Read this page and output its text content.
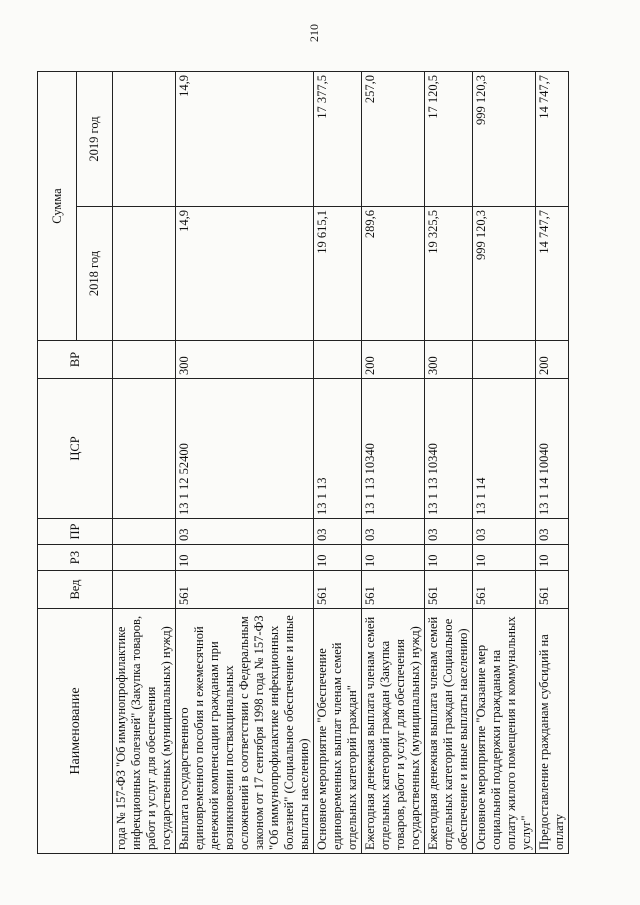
210
Наименование	Вед	РЗ	ПР	ЦСР	ВР	Сумма	
						2018 год	2019 год
года № 157-ФЗ "Об иммунопрофилактике инфекционных болезней" (Закупка товаров, работ и услуг для обеспечения государственных (муниципальных) нужд)							
Выплата государственного единовременного пособия и ежемесячной денежной компенсации гражданам при возникновении поствакцинальных осложнений в соответствии с Федеральным законом от 17 сентября 1998 года № 157-ФЗ "Об иммунопрофилактике инфекционных болезней" (Социальное обеспечение и иные выплаты населению)	561	10	03	13 1 12 52400	300	14,9	14,9
Основное мероприятие "Обеспечение единовременных выплат членам семей отдельных категорий граждан"	561	10	03	13 1 13		19 615,1	17 377,5
Ежегодная денежная выплата членам семей отдельных категорий граждан (Закупка товаров, работ и услуг для обеспечения государственных (муниципальных) нужд)	561	10	03	13 1 13 10340	200	289,6	257,0
Ежегодная денежная выплата членам семей отдельных категорий граждан (Социальное обеспечение и иные выплаты населению)	561	10	03	13 1 13 10340	300	19 325,5	17 120,5
Основное мероприятие "Оказание мер социальной поддержки гражданам на оплату жилого помещения и коммунальных услуг"	561	10	03	13 1 14		999 120,3	999 120,3
Предоставление гражданам субсидий на оплату	561	10	03	13 1 14 10040	200	14 747,7	14 747,7
